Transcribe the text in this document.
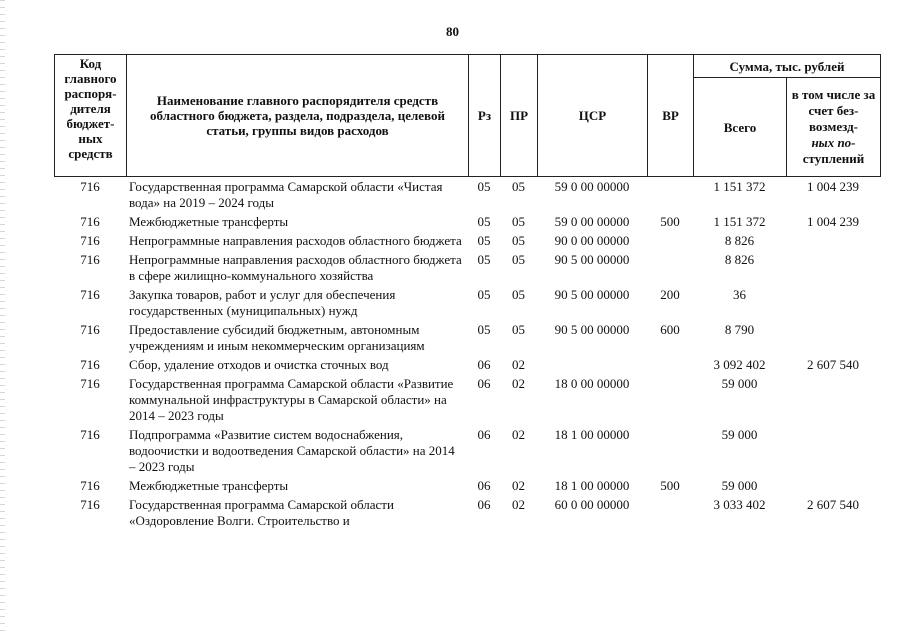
80
Код главного распоря-дителя бюджет-ных средств	Наименование главного распорядителя средств областного бюджета, раздела, подраздела, целевой статьи, группы видов расходов	Рз	ПР	ЦСР	ВР	Сумма, тыс. рублей	
						Всего	в том числе за счет без-возмезд-
ных по-
ступлений
716	Государственная программа Самарской области «Чистая вода» на 2019 – 2024 годы	05	05	59 0 00 00000		1 151 372	1 004 239
716	Межбюджетные трансферты	05	05	59 0 00 00000	500	1 151 372	1 004 239
716	Непрограммные направления расходов областного бюджета	05	05	90 0 00 00000		8 826	
716	Непрограммные направления расходов областного бюджета в сфере жилищно-коммунального хозяйства	05	05	90 5 00 00000		8 826	
716	Закупка товаров, работ и услуг для обеспечения государственных (муниципальных) нужд	05	05	90 5 00 00000	200	36	
716	Предоставление субсидий бюджетным, автономным учреждениям и иным некоммерческим организациям	05	05	90 5 00 00000	600	8 790	
716	Сбор, удаление отходов и очистка сточных вод	06	02			3 092 402	2 607 540
716	Государственная программа Самарской области «Развитие коммунальной инфраструктуры в Самарской области» на 2014 – 2023 годы	06	02	18 0 00 00000		59 000	
716	Подпрограмма «Развитие систем водоснабжения, водоочистки и водоотведения Самарской области» на 2014 – 2023 годы	06	02	18 1 00 00000		59 000	
716	Межбюджетные трансферты	06	02	18 1 00 00000	500	59 000	
716	Государственная программа Самарской области «Оздоровление Волги. Строительство и	06	02	60 0 00 00000		3 033 402	2 607 540
